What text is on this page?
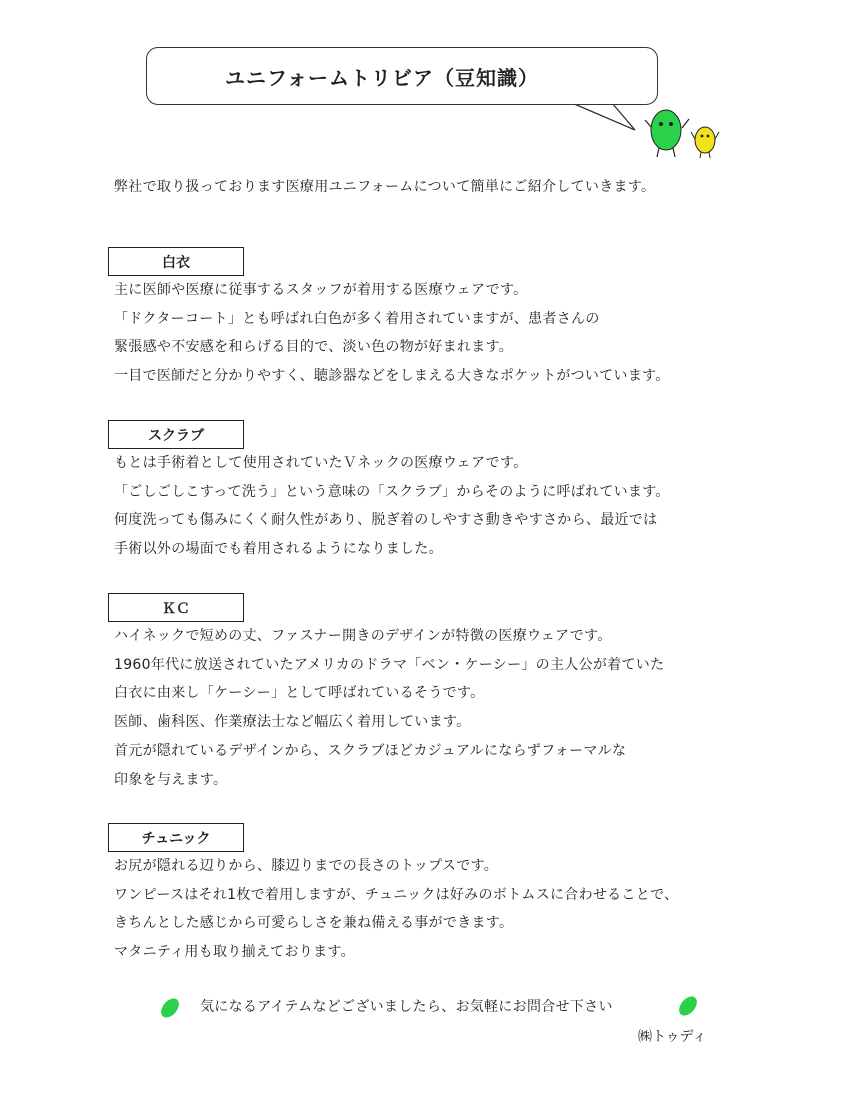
ユニフォームトリビア（豆知識）
弊社で取り扱っております医療用ユニフォームについて簡単にご紹介していきます。
白衣
主に医師や医療に従事するスタッフが着用する医療ウェアです。
「ドクターコート」とも呼ばれ白色が多く着用されていますが、患者さんの
緊張感や不安感を和らげる目的で、淡い色の物が好まれます。
一目で医師だと分かりやすく、聴診器などをしまえる大きなポケットがついています。
スクラブ
もとは手術着として使用されていたＶネックの医療ウェアです。
「ごしごしこすって洗う」という意味の「スクラブ」からそのように呼ばれています。
何度洗っても傷みにくく耐久性があり、脱ぎ着のしやすさ動きやすさから、最近では
手術以外の場面でも着用されるようになりました。
ＫＣ
ハイネックで短めの丈、ファスナー開きのデザインが特徴の医療ウェアです。
1960年代に放送されていたアメリカのドラマ「ベン・ケーシー」の主人公が着ていた
白衣に由来し「ケーシー」として呼ばれているそうです。
医師、歯科医、作業療法士など幅広く着用しています。
首元が隠れているデザインから、スクラブほどカジュアルにならずフォーマルな
印象を与えます。
チュニック
お尻が隠れる辺りから、膝辺りまでの長さのトップスです。
ワンピースはそれ1枚で着用しますが、チュニックは好みのボトムスに合わせることで、
きちんとした感じから可愛らしさを兼ね備える事ができます。
マタニティ用も取り揃えております。
気になるアイテムなどございましたら、お気軽にお問合せ下さい
㈱トゥディ
